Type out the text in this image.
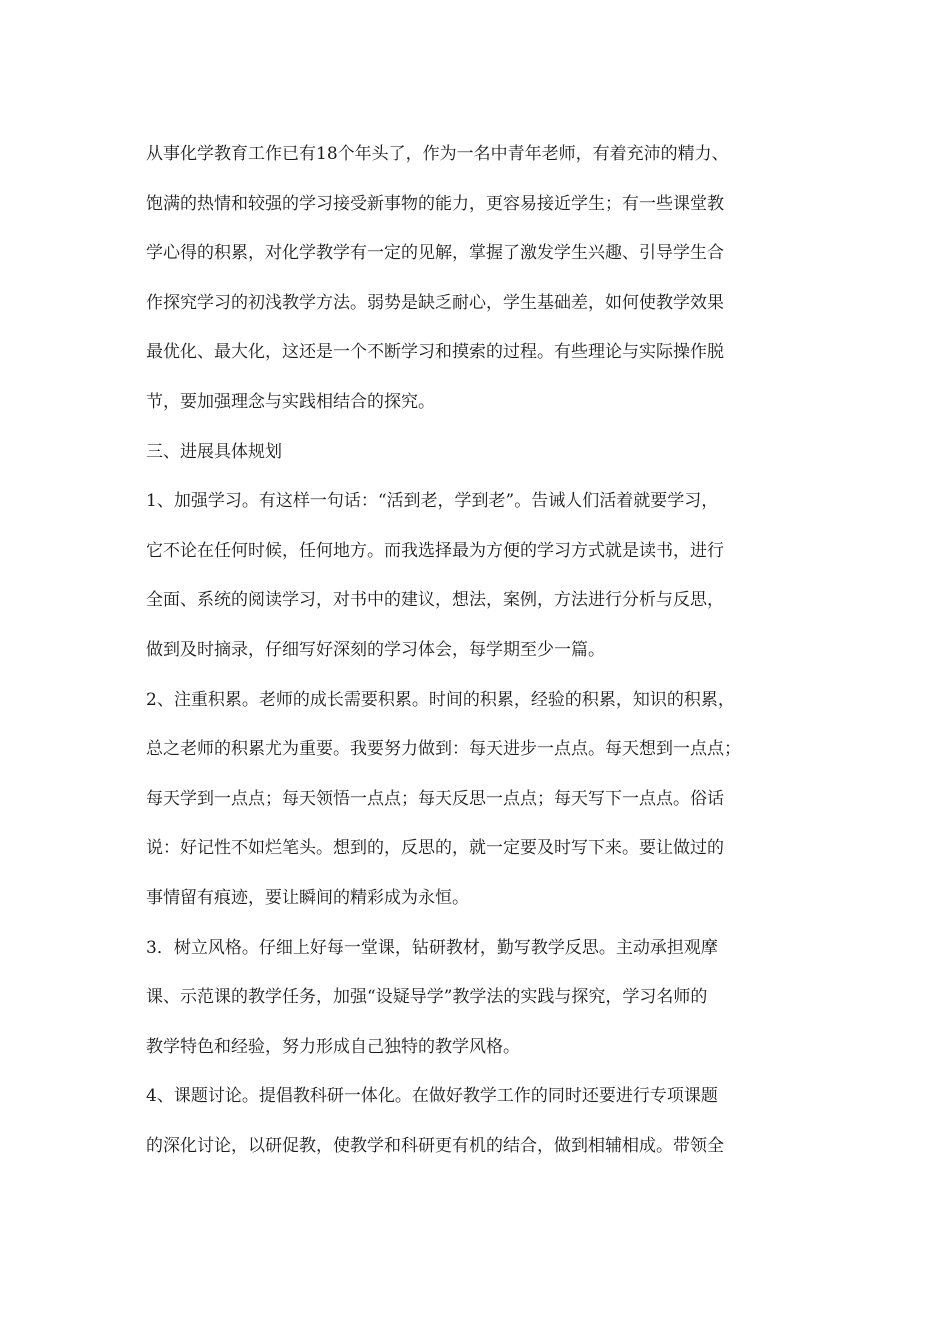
从事化学教育工作已有18个年头了，作为一名中青年老师，有着充沛的精力、
饱满的热情和较强的学习接受新事物的能力，更容易接近学生；有一些课堂教
学心得的积累，对化学教学有一定的见解，掌握了激发学生兴趣、引导学生合
作探究学习的初浅教学方法。弱势是缺乏耐心，学生基础差，如何使教学效果
最优化、最大化，这还是一个不断学习和摸索的过程。有些理论与实际操作脱
节，要加强理念与实践相结合的探究。
三、进展具体规划
1、加强学习。有这样一句话：“活到老，学到老”。告诫人们活着就要学习，
它不论在任何时候，任何地方。而我选择最为方便的学习方式就是读书，进行
全面、系统的阅读学习，对书中的建议，想法，案例，方法进行分析与反思，
做到及时摘录，仔细写好深刻的学习体会，每学期至少一篇。
2、注重积累。老师的成长需要积累。时间的积累，经验的积累，知识的积累，
总之老师的积累尤为重要。我要努力做到：每天进步一点点。每天想到一点点；
每天学到一点点；每天领悟一点点；每天反思一点点；每天写下一点点。俗话
说：好记性不如烂笔头。想到的，反思的，就一定要及时写下来。要让做过的
事情留有痕迹，要让瞬间的精彩成为永恒。
3．树立风格。仔细上好每一堂课，钻研教材，勤写教学反思。主动承担观摩
课、示范课的教学任务，加强“设疑导学”教学法的实践与探究，学习名师的
教学特色和经验，努力形成自己独特的教学风格。
4、课题讨论。提倡教科研一体化。在做好教学工作的同时还要进行专项课题
的深化讨论，以研促教，使教学和科研更有机的结合，做到相辅相成。带领全
